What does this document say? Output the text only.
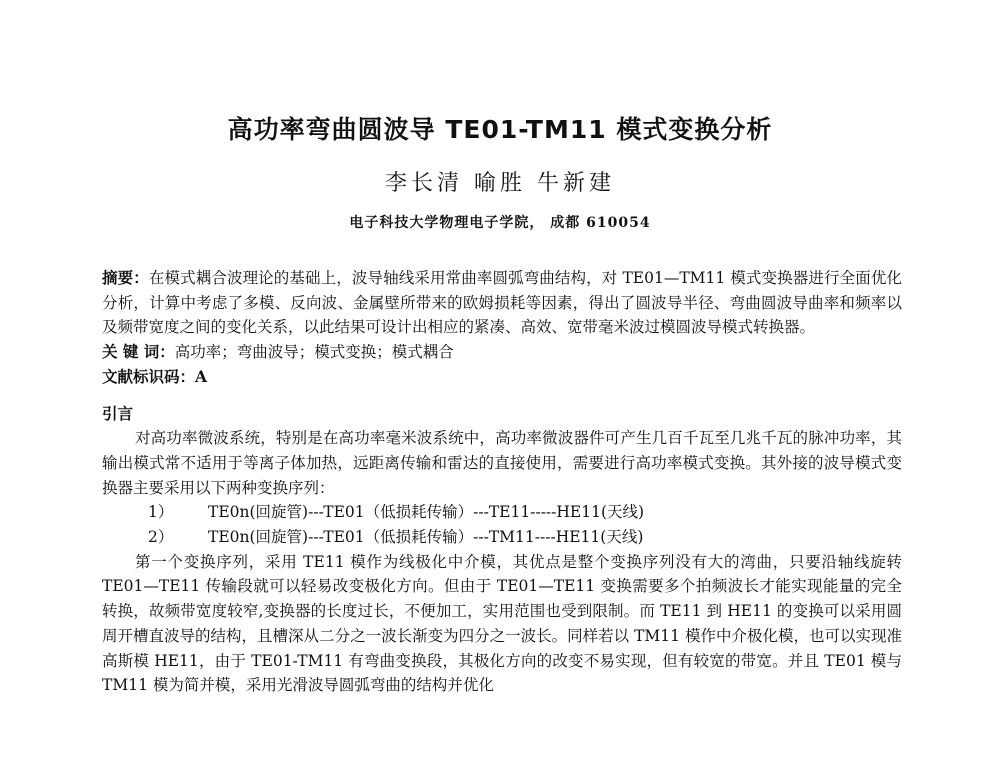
高功率弯曲圆波导 TE01-TM11 模式变换分析
李长清 喻胜 牛新建
电子科技大学物理电子学院， 成都 610054

摘要：在模式耦合波理论的基础上，波导轴线采用常曲率圆弧弯曲结构，对 TE01—TM11 模式变换器进行全面优化分析，计算中考虑了多模、反向波、金属壁所带来的欧姆损耗等因素，得出了圆波导半径、弯曲圆波导曲率和频率以及频带宽度之间的变化关系，以此结果可设计出相应的紧凑、高效、宽带毫米波过模圆波导模式转换器。

关 键 词：高功率；弯曲波导；模式变换；模式耦合

文献标识码：A

引言

对高功率微波系统，特别是在高功率毫米波系统中，高功率微波器件可产生几百千瓦至几兆千瓦的脉冲功率，其输出模式常不适用于等离子体加热，远距离传输和雷达的直接使用，需要进行高功率模式变换。其外接的波导模式变换器主要采用以下两种变换序列：

1） TE0n(回旋管)---TE01（低损耗传输）---TE11-----HE11(天线)

2） TE0n(回旋管)---TE01（低损耗传输）---TM11----HE11(天线)

第一个变换序列，采用 TE11 模作为线极化中介模，其优点是整个变换序列没有大的湾曲，只要沿轴线旋转 TE01—TE11 传输段就可以轻易改变极化方向。但由于 TE01—TE11 变换需要多个拍频波长才能实现能量的完全转换，故频带宽度较窄,变换器的长度过长，不便加工，实用范围也受到限制。而 TE11 到 HE11 的变换可以采用圆周开槽直波导的结构，且槽深从二分之一波长渐变为四分之一波长。同样若以 TM11 模作中介极化模，也可以实现准高斯模 HE11，由于 TE01-TM11 有弯曲变换段，其极化方向的改变不易实现，但有较宽的带宽。并且 TE01 模与 TM11 模为简并模，采用光滑波导圆弧弯曲的结构并优化
